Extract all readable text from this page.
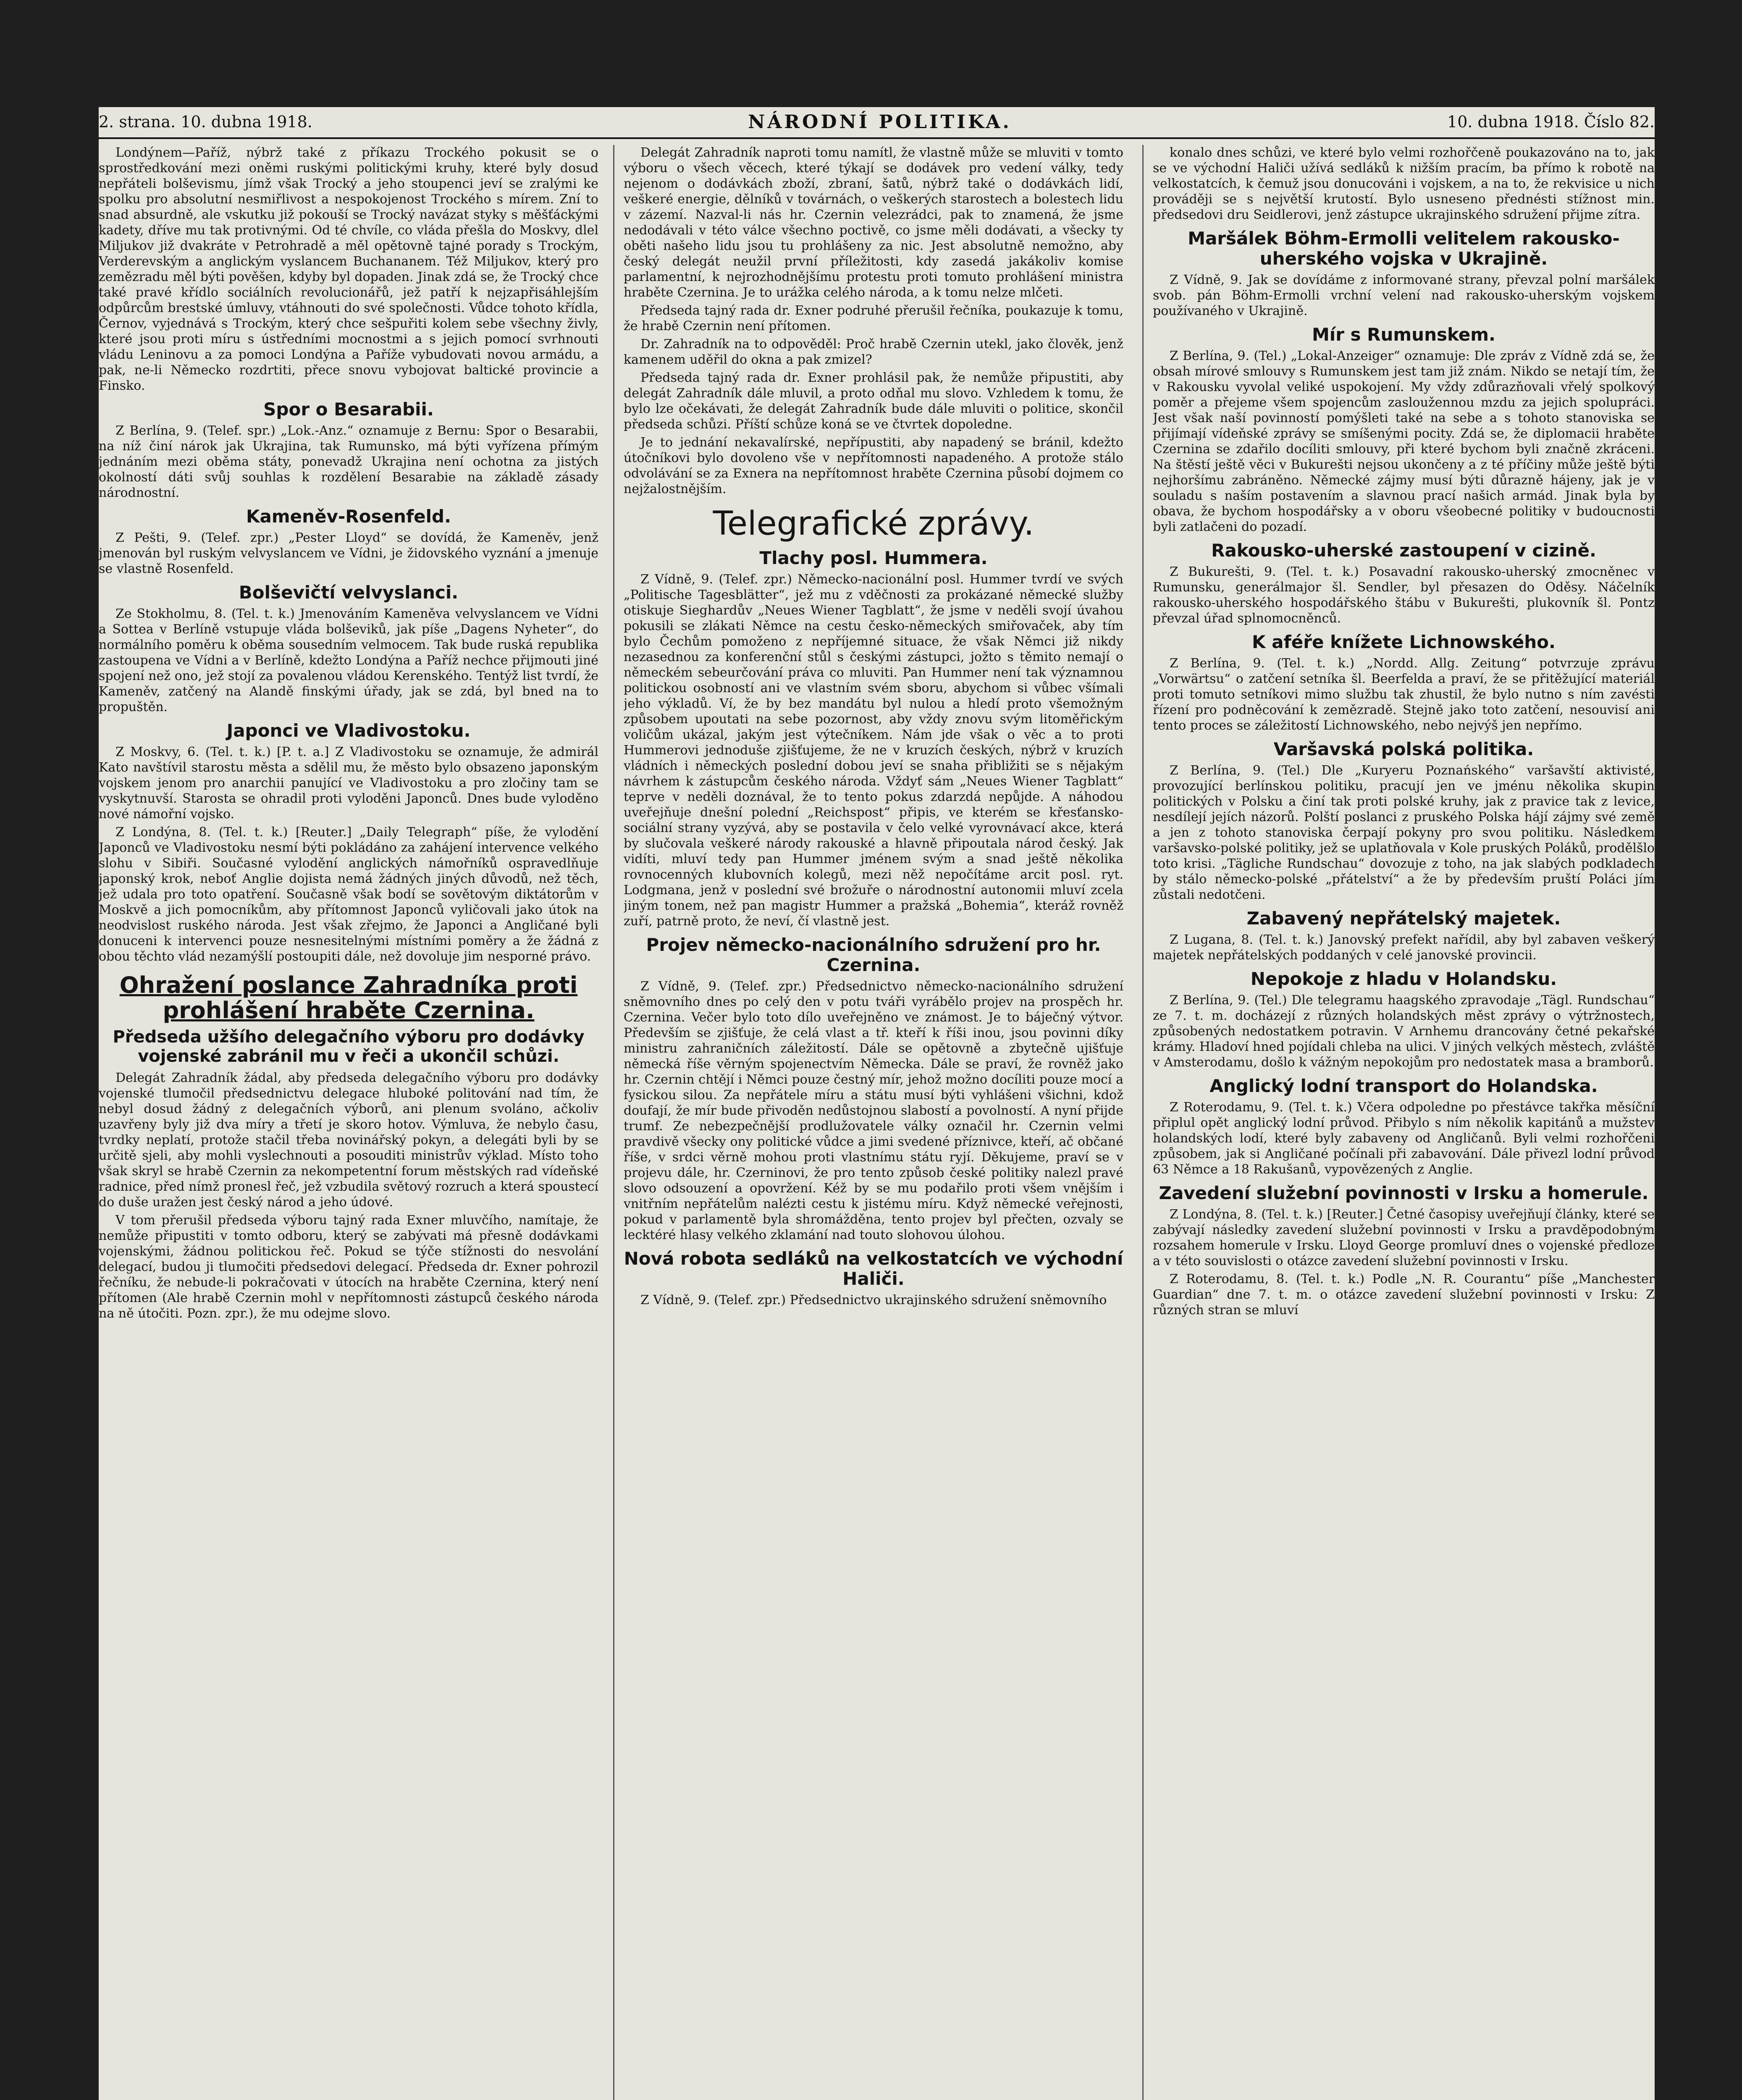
2. strana. 10. dubna 1918.	NÁRODNÍ POLITIKA.	10. dubna 1918. Číslo 82.

Londýnem—Paříž, nýbrž také z příkazu Trockého pokusit se o sprostředkování mezi oněmi ruskými politickými kruhy, které byly dosud nepřáteli bolševismu, jímž však Trocký a jeho stoupenci jeví se zralými ke spolku pro absolutní nesmiřlivost a nespokojenost Trockého s mírem. Zní to snad absurdně, ale vskutku již pokouší se Trocký navázat styky s měšťáckými kadety, dříve mu tak protivnými. Od té chvíle, co vláda přešla do Moskvy, dlel Miljukov již dvakráte v Petrohradě a měl opětovně tajné porady s Trockým, Verderevským a anglickým vyslancem Buchananem. Též Miljukov, který pro zemězradu měl býti pověšen, kdyby byl dopaden. Jinak zdá se, že Trocký chce také pravé křídlo sociálních revolucionářů, jež patří k nejzapřisáhlejším odpůrcům brestské úmluvy, vtáhnouti do své společnosti. Vůdce tohoto křídla, Černov, vyjednává s Trockým, který chce sešpuřiti kolem sebe všechny živly, které jsou proti míru s ústředními mocnostmi a s jejich pomocí svrhnouti vládu Leninovu a za pomoci Londýna a Paříže vybudovati novou armádu, a pak, ne-li Německo rozdrtiti, přece snovu vybojovat baltické provincie a Finsko.

Spor o Besarabii.

Z Berlína, 9. (Telef. spr.) „Lok.-Anz.“ oznamuje z Bernu: Spor o Besarabii, na níž činí nárok jak Ukrajina, tak Rumunsko, má býti vyřízena přímým jednáním mezi oběma státy, ponevadž Ukrajina není ochotna za jistých okolností dáti svůj souhlas k rozdělení Besarabie na základě zásady národnostní.

Kameněv-Rosenfeld.

Z Pešti, 9. (Telef. zpr.) „Pester Lloyd“ se dovídá, že Kameněv, jenž jmenován byl ruským velvyslancem ve Vídni, je židovského vyznání a jmenuje se vlastně Rosenfeld.

Bolševičtí velvyslanci.

Ze Stokholmu, 8. (Tel. t. k.) Jmenováním Kameněva velvyslancem ve Vídni a Sottea v Berlíně vstupuje vláda bolševiků, jak píše „Dagens Nyheter“, do normálního poměru k oběma sousedním velmocem. Tak bude ruská republika zastoupena ve Vídni a v Berlíně, kdežto Londýna a Paříž nechce přijmouti jiné spojení než ono, jež stojí za povalenou vládou Kerenského. Tentýž list tvrdí, že Kameněv, zatčený na Alandě finskými úřady, jak se zdá, byl bned na to propuštěn.

Japonci ve Vladivostoku.

Z Moskvy, 6. (Tel. t. k.) [P. t. a.] Z Vladivostoku se oznamuje, že admirál Kato navštívil starostu města a sdělil mu, že město bylo obsazeno japonským vojskem jenom pro anarchii panující ve Vladivostoku a pro zločiny tam se vyskytnuvší. Starosta se ohradil proti vyloděni Japonců. Dnes bude vyloděno nové námořní vojsko.

Z Londýna, 8. (Tel. t. k.) [Reuter.] „Daily Telegraph“ píše, že vylodění Japonců ve Vladivostoku nesmí býti pokládáno za zahájení intervence velkého slohu v Sibiři. Současné vylodění anglických námořníků ospravedlňuje japonský krok, neboť Anglie dojista nemá žádných jiných důvodů, než těch, jež udala pro toto opatření. Současně však bodí se sovětovým diktátorům v Moskvě a jich pomocníkům, aby přítomnost Japonců vyličovali jako útok na neodvislost ruského národa. Jest však zřejmo, že Japonci a Angličané byli donuceni k intervenci pouze nesnesitelnými místními poměry a že žádná z obou těchto vlád nezamýšlí postoupiti dále, než dovoluje jim nesporné právo.

Ohražení poslance Zahradníka proti prohlášení hraběte Czernina.
Předseda užšího delegačního výboru pro dodávky vojenské zabránil mu v řeči a ukončil schůzi.

Delegát Zahradník žádal, aby předseda delegačního výboru pro dodávky vojenské tlumočil předsednictvu delegace hluboké politování nad tím, že nebyl dosud žádný z delegačních výborů, ani plenum svoláno, ačkoliv uzavřeny byly již dva míry a třetí je skoro hotov. Výmluva, že nebylo času, tvrdky neplatí, protože stačil třeba novinářský pokyn, a delegáti byli by se určitě sjeli, aby mohli vyslechnouti a posouditi ministrův výklad. Místo toho však skryl se hrabě Czernin za nekompetentní forum městských rad vídeňské radnice, před nímž pronesl řeč, jež vzbudila světový rozruch a která spoustecí do duše uražen jest český národ a jeho údové.

V tom přerušil předseda výboru tajný rada Exner mluvčího, namítaje, že nemůže připustiti v tomto odboru, který se zabývati má přesně dodávkami vojenskými, žádnou politickou řeč. Pokud se týče stížnosti do nesvolání delegací, budou ji tlumočiti předsedovi delegací. Předseda dr. Exner pohrozil řečníku, že nebude-li pokračovati v útocích na hraběte Czernina, který není přítomen (Ale hrabě Czernin mohl v nepřítomnosti zástupců českého národa na ně útočiti. Pozn. zpr.), že mu odejme slovo.

Delegát Zahradník naproti tomu namítl, že vlastně může se mluviti v tomto výboru o všech věcech, které týkají se dodávek pro vedení války, tedy nejenom o dodávkách zboží, zbraní, šatů, nýbrž také o dodávkách lidí, veškeré energie, dělníků v továrnách, o veškerých starostech a bolestech lidu v zázemí. Nazval-li nás hr. Czernin velezrádci, pak to znamená, že jsme nedodávali v této válce všechno poctivě, co jsme měli dodávati, a všecky ty oběti našeho lidu jsou tu prohlášeny za nic. Jest absolutně nemožno, aby český delegát neužil první příležitosti, kdy zasedá jakákoliv komise parlamentní, k nejrozhodnějšímu protestu proti tomuto prohlášení ministra hraběte Czernina. Je to urážka celého národa, a k tomu nelze mlčeti.

Předseda tajný rada dr. Exner podruhé přerušil řečníka, poukazuje k tomu, že hrabě Czernin není přítomen.

Dr. Zahradník na to odpověděl: Proč hrabě Czernin utekl, jako člověk, jenž kamenem uděřil do okna a pak zmizel?

Předseda tajný rada dr. Exner prohlásil pak, že nemůže připustiti, aby delegát Zahradník dále mluvil, a proto odňal mu slovo. Vzhledem k tomu, že bylo lze očekávati, že delegát Zahradník bude dále mluviti o politice, skončil předseda schůzi. Příští schůze koná se ve čtvrtek dopoledne.

Je to jednání nekavalírské, nepřípustiti, aby napadený se bránil, kdežto útočníkovi bylo dovoleno vše v nepřítomnosti napadeného. A protože stálo odvolávání se za Exnera na nepřítomnost hraběte Czernina působí dojmem co nejžalostnějším.

Telegrafické zprávy.
Tlachy posl. Hummera.

Z Vídně, 9. (Telef. zpr.) Německo-nacionální posl. Hummer tvrdí ve svých „Politische Tagesblätter“, jež mu z vděčnosti za prokázané německé služby otiskuje Sieghardův „Neues Wiener Tagblatt“, že jsme v neděli svojí úvahou pokusili se zlákati Němce na cestu česko-německých smiřovaček, aby tím bylo Čechům pomoženo z nepříjemné situace, že však Němci již nikdy nezasednou za konferenční stůl s českými zástupci, jožto s těmito nemají o německém sebeurčování práva co mluviti. Pan Hummer není tak významnou politickou osobností ani ve vlastním svém sboru, abychom si vůbec všímali jeho výkladů. Ví, že by bez mandátu byl nulou a hledí proto všemožným způsobem upoutati na sebe pozornost, aby vždy znovu svým litoměřickým voličům ukázal, jakým jest výtečníkem. Nám jde však o věc a to proti Hummerovi jednoduše zjišťujeme, že ne v kruzích českých, nýbrž v kruzích vládních i německých poslední dobou jeví se snaha přibližiti se s nějakým návrhem k zástupcům českého národa. Vždyť sám „Neues Wiener Tagblatt“ teprve v neděli doznával, že to tento pokus zdarzdá nepůjde. A náhodou uveřejňuje dnešní polední „Reichspost“ připis, ve kterém se křesťansko-sociální strany vyzývá, aby se postavila v čelo velké vyrovnávací akce, která by slučovala veškeré národy rakouské a hlavně připoutala národ český. Jak vidíti, mluví tedy pan Hummer jménem svým a snad ještě několika rovnocenných klubovních kolegů, mezi něž nepočítáme arcit posl. ryt. Lodgmana, jenž v poslední své brožuře o národnostní autonomii mluví zcela jiným tonem, než pan magistr Hummer a pražská „Bohemia“, kteráž rovněž zuří, patrně proto, že neví, čí vlastně jest.

Projev německo-nacionálního sdružení pro hr. Czernina.

Z Vídně, 9. (Telef. zpr.) Předsednictvo německo-nacionálního sdružení sněmovního dnes po celý den v potu tváři vyrábělo projev na prospěch hr. Czernina. Večer bylo toto dílo uveřejněno ve známost. Je to báječný výtvor. Především se zjišťuje, že celá vlast a tř. kteří k říši inou, jsou povinni díky ministru zahraničních záležitostí. Dále se opětovně a zbytečně ujišťuje německá říše věrným spojenectvím Německa. Dále se praví, že rovněž jako hr. Czernin chtějí i Němci pouze čestný mír, jehož možno docíliti pouze mocí a fysickou silou. Za nepřátele míru a státu musí býti vyhlášeni všichni, kdož doufají, že mír bude přivoděn nedůstojnou slabostí a povolností. A nyní přijde trumf. Ze nebezpečnější prodlužovatele války označil hr. Czernin velmi pravdivě všecky ony politické vůdce a jimi svedené příznivce, kteří, ač občané říše, v srdci věrně mohou proti vlastnímu státu ryjí. Děkujeme, praví se v projevu dále, hr. Czerninovi, že pro tento způsob české politiky nalezl pravé slovo odsouzení a opovržení. Kéž by se mu podařilo proti všem vnějším i vnitřním nepřátelům nalézti cestu k jistému míru. Když německé veřejnosti, pokud v parlamentě byla shromážděna, tento projev byl přečten, ozvaly se lecktéré hlasy velkého zklamání nad touto slohovou úlohou.

Nová robota sedláků na velkostatcích ve východní Haliči.

Z Vídně, 9. (Telef. zpr.) Předsednictvo ukrajinského sdružení sněmovního

konalo dnes schůzi, ve které bylo velmi rozhořčeně poukazováno na to, jak se ve východní Haliči užívá sedláků k nižším pracím, ba přímo k robotě na velkostatcích, k čemuž jsou donucováni i vojskem, a na to, že rekvisice u nich prováději se s největší krutostí. Bylo usneseno přednésti stížnost min. předsedovi dru Seidlerovi, jenž zástupce ukrajinského sdružení přijme zítra.

Maršálek Böhm-Ermolli velitelem rakousko-uherského vojska v Ukrajině.

Z Vídně, 9. Jak se dovídáme z informované strany, převzal polní maršálek svob. pán Böhm-Ermolli vrchní velení nad rakousko-uherským vojskem používaného v Ukrajině.

Mír s Rumunskem.

Z Berlína, 9. (Tel.) „Lokal-Anzeiger“ oznamuje: Dle zpráv z Vídně zdá se, že obsah mírové smlouvy s Rumunskem jest tam již znám. Nikdo se netají tím, že v Rakousku vyvolal veliké uspokojení. My vždy zdůrazňovali vřelý spolkový poměr a přejeme všem spojencům zasloužennou mzdu za jejich spolupráci. Jest však naší povinností pomýšleti také na sebe a s tohoto stanoviska se přijímají vídeňské zprávy se smíšenými pocity. Zdá se, že diplomacii hraběte Czernina se zdařilo docíliti smlouvy, při které bychom byli značně zkráceni. Na štěstí ještě věci v Bukurešti nejsou ukončeny a z té příčiny může ještě býti nejhoršímu zabráněno. Německé zájmy musí býti důrazně hájeny, jak je v souladu s naším postavením a slavnou prací našich armád. Jinak byla by obava, že bychom hospodářsky a v oboru všeobecné politiky v budoucnosti byli zatlačeni do pozadí.

Rakousko-uherské zastoupení v cizině.

Z Bukurešti, 9. (Tel. t. k.) Posavadní rakousko-uherský zmocněnec v Rumunsku, generálmajor šl. Sendler, byl přesazen do Oděsy. Náčelník rakousko-uherského hospodářského štábu v Bukurešti, plukovník šl. Pontz převzal úřad splnomocněnců.

K aféře knížete Lichnowského.

Z Berlína, 9. (Tel. t. k.) „Nordd. Allg. Zeitung“ potvrzuje zprávu „Vorwärtsu“ o zatčení setníka šl. Beerfelda a praví, že se přitěžující materiál proti tomuto setníkovi mimo službu tak zhustil, že bylo nutno s ním zavésti řízení pro podněcování k zemězradě. Stejně jako toto zatčení, nesouvisí ani tento proces se záležitostí Lichnowského, nebo nejvýš jen nepřímo.

Varšavská polská politika.

Z Berlína, 9. (Tel.) Dle „Kuryeru Poznańského“ varšavští aktivisté, provozující berlínskou politiku, pracují jen ve jménu několika skupin politických v Polsku a činí tak proti polské kruhy, jak z pravice tak z levice, nesdílejí jejích názorů. Polští poslanci z pruského Polska hájí zájmy své země a jen z tohoto stanoviska čerpají pokyny pro svou politiku. Následkem varšavsko-polské politiky, jež se uplatňovala v Kole pruských Poláků, prodělšlo toto krisi. „Tägliche Rundschau“ dovozuje z toho, na jak slabých podkladech by stálo německo-polské „přátelství“ a že by především pruští Poláci jím zůstali nedotčeni.

Zabavený nepřátelský majetek.

Z Lugana, 8. (Tel. t. k.) Janovský prefekt nařídil, aby byl zabaven veškerý majetek nepřátelských poddaných v celé janovské provincii.

Nepokoje z hladu v Holandsku.

Z Berlína, 9. (Tel.) Dle telegramu haagského zpravodaje „Tägl. Rundschau“ ze 7. t. m. docházejí z různých holandských měst zprávy o výtržnostech, způsobených nedostatkem potravin. V Arnhemu drancovány četné pekařské krámy. Hladoví hned pojídali chleba na ulici. V jiných velkých městech, zvláště v Amsterodamu, došlo k vážným nepokojům pro nedostatek masa a bramborů.

Anglický lodní transport do Holandska.

Z Roterodamu, 9. (Tel. t. k.) Včera odpoledne po přestávce takřka měsíční připlul opět anglický lodní průvod. Přibylo s ním několik kapitánů a mužstev holandských lodí, které byly zabaveny od Angličanů. Byli velmi rozhořčeni způsobem, jak si Angličané počínali při zabavování. Dále přivezl lodní průvod 63 Němce a 18 Rakušanů, vypovězených z Anglie.

Zavedení služební povinnosti v Irsku a homerule.

Z Londýna, 8. (Tel. t. k.) [Reuter.] Četné časopisy uveřejňují články, které se zabývají následky zavedení služební povinnosti v Irsku a pravděpodobným rozsahem homerule v Irsku. Lloyd George promluví dnes o vojenské předloze a v této souvislosti o otázce zavedení služební povinnosti v Irsku.

Z Roterodamu, 8. (Tel. t. k.) Podle „N. R. Courantu“ píše „Manchester Guardian“ dne 7. t. m. o otázce zavedení služební povinnosti v Irsku: Z různých stran se mluví
